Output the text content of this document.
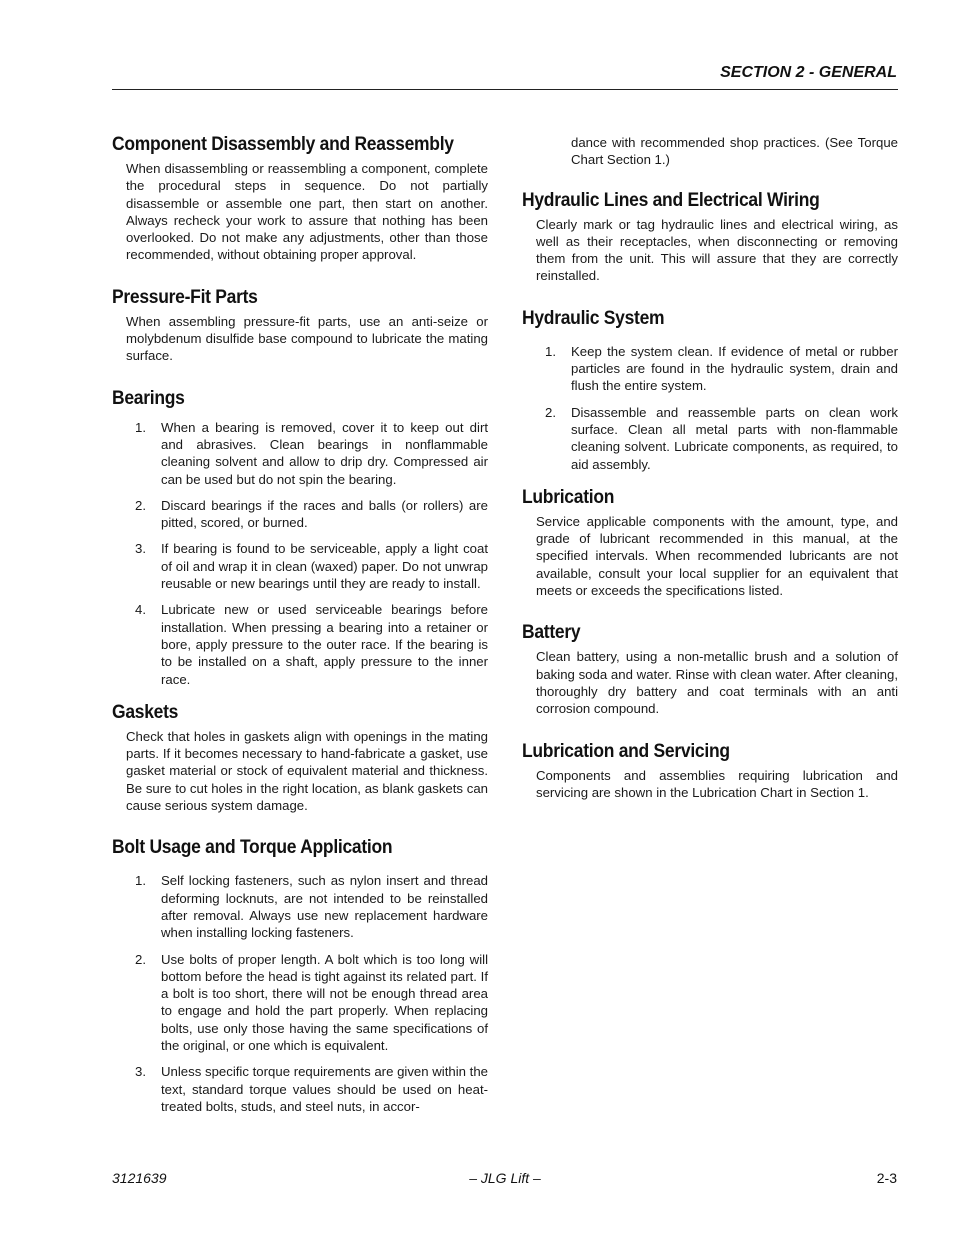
SECTION 2 - GENERAL
Component Disassembly and Reassembly

When disassembling or reassembling a component, complete the procedural steps in sequence. Do not partially disassemble or assemble one part, then start on another. Always recheck your work to assure that nothing has been overlooked. Do not make any adjustments, other than those recommended, without obtaining proper approval.

Pressure-Fit Parts

When assembling pressure-fit parts, use an anti-seize or molybdenum disulfide base compound to lubricate the mating surface.

Bearings
1. When a bearing is removed, cover it to keep out dirt and abrasives. Clean bearings in nonflammable cleaning solvent and allow to drip dry. Compressed air can be used but do not spin the bearing.
2. Discard bearings if the races and balls (or rollers) are pitted, scored, or burned.
3. If bearing is found to be serviceable, apply a light coat of oil and wrap it in clean (waxed) paper. Do not unwrap reusable or new bearings until they are ready to install.
4. Lubricate new or used serviceable bearings before installation. When pressing a bearing into a retainer or bore, apply pressure to the outer race. If the bearing is to be installed on a shaft, apply pressure to the inner race.
Gaskets

Check that holes in gaskets align with openings in the mating parts. If it becomes necessary to hand-fabricate a gasket, use gasket material or stock of equivalent material and thickness. Be sure to cut holes in the right location, as blank gaskets can cause serious system damage.

Bolt Usage and Torque Application
1. Self locking fasteners, such as nylon insert and thread deforming locknuts, are not intended to be reinstalled after removal. Always use new replacement hardware when installing locking fasteners.
2. Use bolts of proper length. A bolt which is too long will bottom before the head is tight against its related part. If a bolt is too short, there will not be enough thread area to engage and hold the part properly. When replacing bolts, use only those having the same specifications of the original, or one which is equivalent.
3. Unless specific torque requirements are given within the text, standard torque values should be used on heat-treated bolts, studs, and steel nuts, in accor-
dance with recommended shop practices. (See Torque Chart Section 1.)
Hydraulic Lines and Electrical Wiring

Clearly mark or tag hydraulic lines and electrical wiring, as well as their receptacles, when disconnecting or removing them from the unit. This will assure that they are correctly reinstalled.

Hydraulic System
1. Keep the system clean. If evidence of metal or rubber particles are found in the hydraulic system, drain and flush the entire system.
2. Disassemble and reassemble parts on clean work surface. Clean all metal parts with non-flammable cleaning solvent. Lubricate components, as required, to aid assembly.
Lubrication

Service applicable components with the amount, type, and grade of lubricant recommended in this manual, at the specified intervals. When recommended lubricants are not available, consult your local supplier for an equivalent that meets or exceeds the specifications listed.

Battery

Clean battery, using a non-metallic brush and a solution of baking soda and water. Rinse with clean water. After cleaning, thoroughly dry battery and coat terminals with an anti corrosion compound.

Lubrication and Servicing

Components and assemblies requiring lubrication and servicing are shown in the Lubrication Chart in Section 1.

3121639	– JLG Lift –	2-3
